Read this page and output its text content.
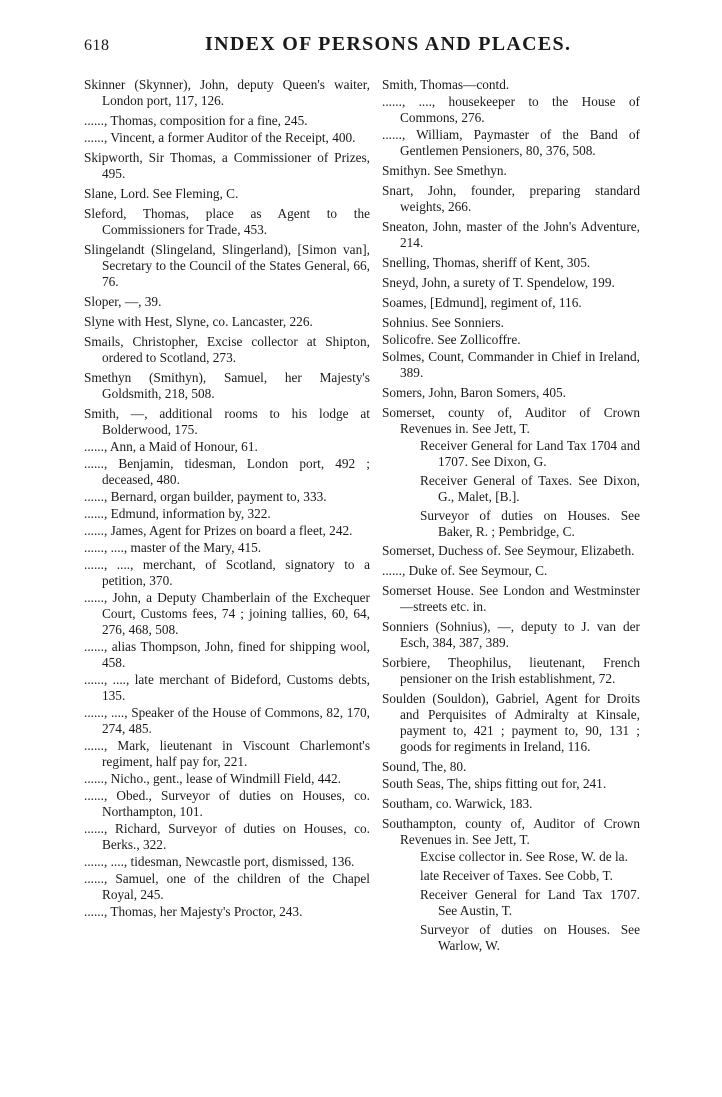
618	INDEX OF PERSONS AND PLACES.
Skinner (Skynner), John, deputy Queen's waiter, London port, 117, 126.
......, Thomas, composition for a fine, 245.
......, Vincent, a former Auditor of the Receipt, 400.
Skipworth, Sir Thomas, a Commissioner of Prizes, 495.
Slane, Lord. See Fleming, C.
Sleford, Thomas, place as Agent to the Commissioners for Trade, 453.
Slingelandt (Slingeland, Slingerland), [Simon van], Secretary to the Council of the States General, 66, 76.
Sloper, —, 39.
Slyne with Hest, Slyne, co. Lancaster, 226.
Smails, Christopher, Excise collector at Shipton, ordered to Scotland, 273.
Smethyn (Smithyn), Samuel, her Majesty's Goldsmith, 218, 508.
Smith, —, additional rooms to his lodge at Bolderwood, 175.
......, Ann, a Maid of Honour, 61.
......, Benjamin, tidesman, London port, 492 ; deceased, 480.
......, Bernard, organ builder, payment to, 333.
......, Edmund, information by, 322.
......, James, Agent for Prizes on board a fleet, 242.
......, ...., master of the Mary, 415.
......, ...., merchant, of Scotland, signatory to a petition, 370.
......, John, a Deputy Chamberlain of the Exchequer Court, Customs fees, 74 ; joining tallies, 60, 64, 276, 468, 508.
......, alias Thompson, John, fined for shipping wool, 458.
......, ...., late merchant of Bideford, Customs debts, 135.
......, ...., Speaker of the House of Commons, 82, 170, 274, 485.
......, Mark, lieutenant in Viscount Charlemont's regiment, half pay for, 221.
......, Nicho., gent., lease of Windmill Field, 442.
......, Obed., Surveyor of duties on Houses, co. Northampton, 101.
......, Richard, Surveyor of duties on Houses, co. Berks., 322.
......, ...., tidesman, Newcastle port, dismissed, 136.
......, Samuel, one of the children of the Chapel Royal, 245.
......, Thomas, her Majesty's Proctor, 243.
Smith, Thomas—contd.
......, ...., housekeeper to the House of Commons, 276.
......, William, Paymaster of the Band of Gentlemen Pensioners, 80, 376, 508.
Smithyn. See Smethyn.
Snart, John, founder, preparing standard weights, 266.
Sneaton, John, master of the John's Adventure, 214.
Snelling, Thomas, sheriff of Kent, 305.
Sneyd, John, a surety of T. Spendelow, 199.
Soames, [Edmund], regiment of, 116.
Sohnius. See Sonniers.
Solicofre. See Zollicoffre.
Solmes, Count, Commander in Chief in Ireland, 389.
Somers, John, Baron Somers, 405.
Somerset, county of, Auditor of Crown Revenues in. See Jett, T.
Receiver General for Land Tax 1704 and 1707. See Dixon, G.
Receiver General of Taxes. See Dixon, G., Malet, [B.].
Surveyor of duties on Houses. See Baker, R. ; Pembridge, C.
Somerset, Duchess of. See Seymour, Elizabeth.
......, Duke of. See Seymour, C.
Somerset House. See London and Westminster—streets etc. in.
Sonniers (Sohnius), —, deputy to J. van der Esch, 384, 387, 389.
Sorbiere, Theophilus, lieutenant, French pensioner on the Irish establishment, 72.
Soulden (Souldon), Gabriel, Agent for Droits and Perquisites of Admiralty at Kinsale, payment to, 421 ; payment to, 90, 131 ; goods for regiments in Ireland, 116.
Sound, The, 80.
South Seas, The, ships fitting out for, 241.
Southam, co. Warwick, 183.
Southampton, county of, Auditor of Crown Revenues in. See Jett, T.
Excise collector in. See Rose, W. de la.
late Receiver of Taxes. See Cobb, T.
Receiver General for Land Tax 1707. See Austin, T.
Surveyor of duties on Houses. See Warlow, W.
